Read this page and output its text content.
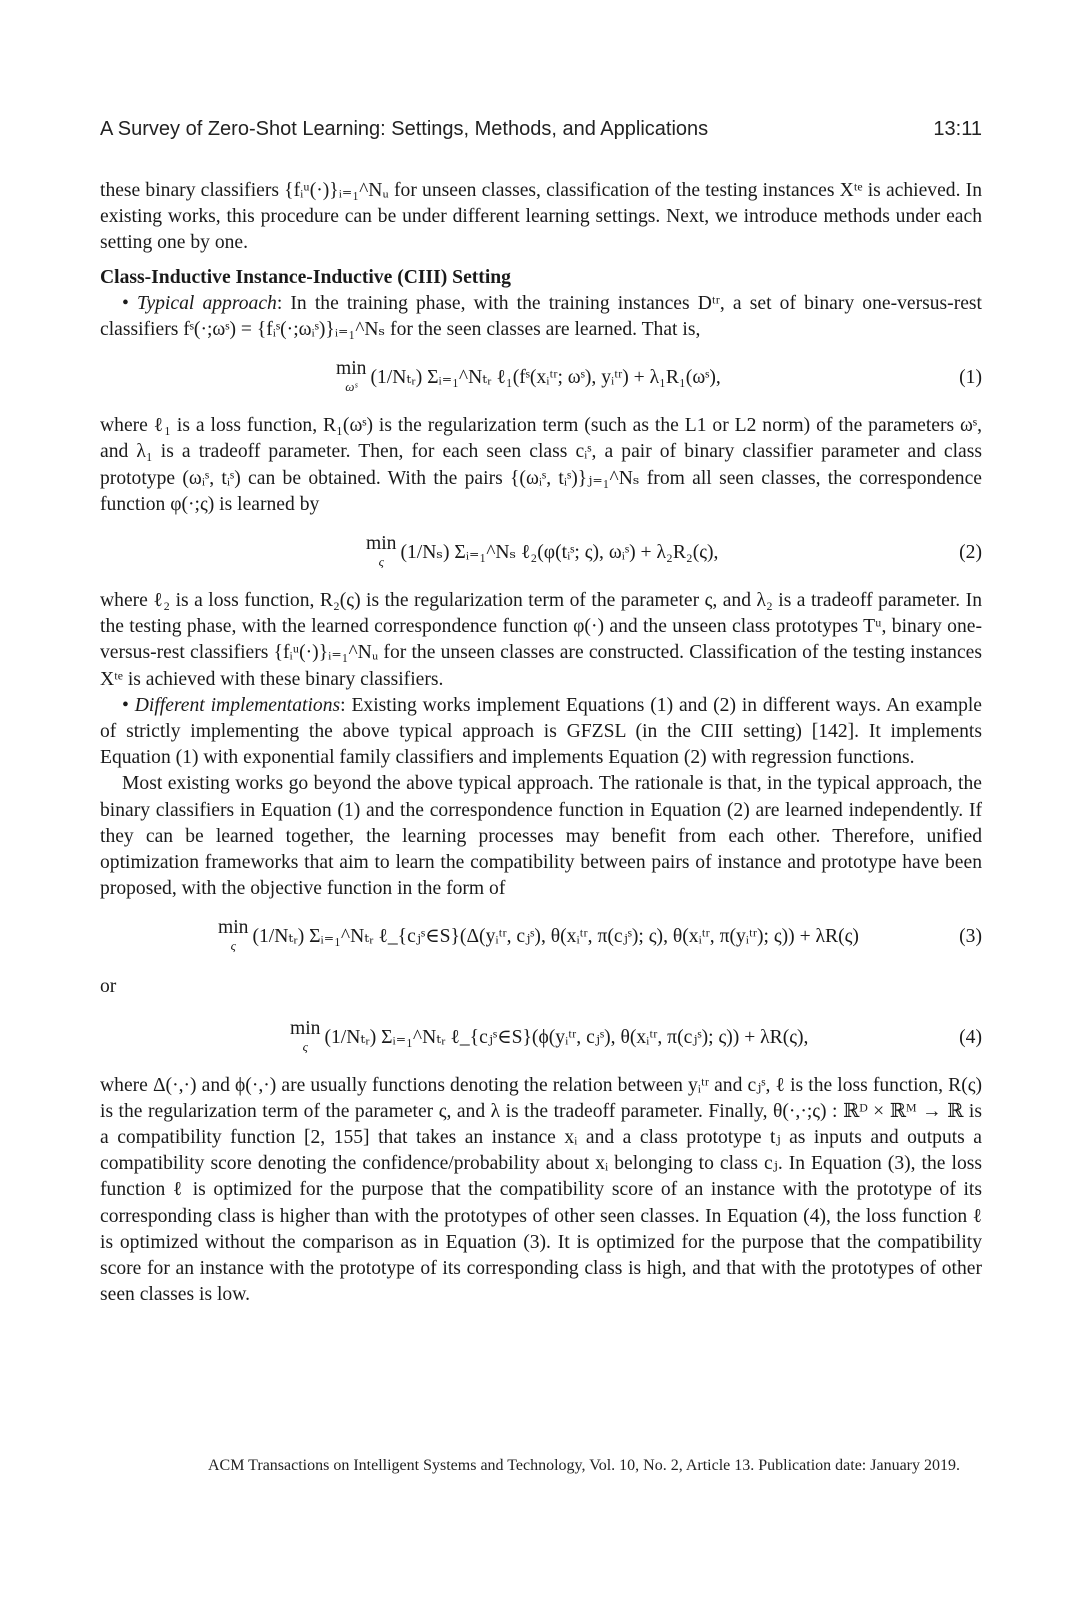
A Survey of Zero-Shot Learning: Settings, Methods, and Applications	13:11

these binary classifiers {fᵢᵘ(·)}ᵢ₌₁^Nᵤ for unseen classes, classification of the testing instances Xᵗᵉ is achieved. In existing works, this procedure can be under different learning settings. Next, we introduce methods under each setting one by one.

Class-Inductive Instance-Inductive (CIII) Setting

• Typical approach: In the training phase, with the training instances Dᵗʳ, a set of binary one-versus-rest classifiers fˢ(·;ωˢ) = {fᵢˢ(·;ωᵢˢ)}ᵢ₌₁^Nₛ for the seen classes are learned. That is,

min
ωˢ (1/Nₜᵣ) Σᵢ₌₁^Nₜᵣ ℓ₁(fˢ(xᵢᵗʳ; ωˢ), yᵢᵗʳ) + λ₁R₁(ωˢ),	(1)

where ℓ₁ is a loss function, R₁(ωˢ) is the regularization term (such as the L1 or L2 norm) of the parameters ωˢ, and λ₁ is a tradeoff parameter. Then, for each seen class cᵢˢ, a pair of binary classifier parameter and class prototype (ωᵢˢ, tᵢˢ) can be obtained. With the pairs {(ωᵢˢ, tᵢˢ)}ⱼ₌₁^Nₛ from all seen classes, the correspondence function φ(·;ς) is learned by

min
ς (1/Nₛ) Σᵢ₌₁^Nₛ ℓ₂(φ(tᵢˢ; ς), ωᵢˢ) + λ₂R₂(ς),	(2)

where ℓ₂ is a loss function, R₂(ς) is the regularization term of the parameter ς, and λ₂ is a tradeoff parameter. In the testing phase, with the learned correspondence function φ(·) and the unseen class prototypes Tᵘ, binary one-versus-rest classifiers {fᵢᵘ(·)}ᵢ₌₁^Nᵤ for the unseen classes are constructed. Classification of the testing instances Xᵗᵉ is achieved with these binary classifiers.

• Different implementations: Existing works implement Equations (1) and (2) in different ways. An example of strictly implementing the above typical approach is GFZSL (in the CIII setting) [142]. It implements Equation (1) with exponential family classifiers and implements Equation (2) with regression functions.

Most existing works go beyond the above typical approach. The rationale is that, in the typical approach, the binary classifiers in Equation (1) and the correspondence function in Equation (2) are learned independently. If they can be learned together, the learning processes may benefit from each other. Therefore, unified optimization frameworks that aim to learn the compatibility between pairs of instance and prototype have been proposed, with the objective function in the form of

min
ς (1/Nₜᵣ) Σᵢ₌₁^Nₜᵣ ℓ_{cⱼˢ∈S}(Δ(yᵢᵗʳ, cⱼˢ), θ(xᵢᵗʳ, π(cⱼˢ); ς), θ(xᵢᵗʳ, π(yᵢᵗʳ); ς)) + λR(ς)	(3)

or

min
ς (1/Nₜᵣ) Σᵢ₌₁^Nₜᵣ ℓ_{cⱼˢ∈S}(ϕ(yᵢᵗʳ, cⱼˢ), θ(xᵢᵗʳ, π(cⱼˢ); ς)) + λR(ς),	(4)

where Δ(·,·) and ϕ(·,·) are usually functions denoting the relation between yᵢᵗʳ and cⱼˢ, ℓ is the loss function, R(ς) is the regularization term of the parameter ς, and λ is the tradeoff parameter. Finally, θ(·,·;ς) : ℝᴰ × ℝᴹ → ℝ is a compatibility function [2, 155] that takes an instance xᵢ and a class prototype tⱼ as inputs and outputs a compatibility score denoting the confidence/probability about xᵢ belonging to class cⱼ. In Equation (3), the loss function ℓ is optimized for the purpose that the compatibility score of an instance with the prototype of its corresponding class is higher than with the prototypes of other seen classes. In Equation (4), the loss function ℓ is optimized without the comparison as in Equation (3). It is optimized for the purpose that the compatibility score for an instance with the prototype of its corresponding class is high, and that with the prototypes of other seen classes is low.

ACM Transactions on Intelligent Systems and Technology, Vol. 10, No. 2, Article 13. Publication date: January 2019.
